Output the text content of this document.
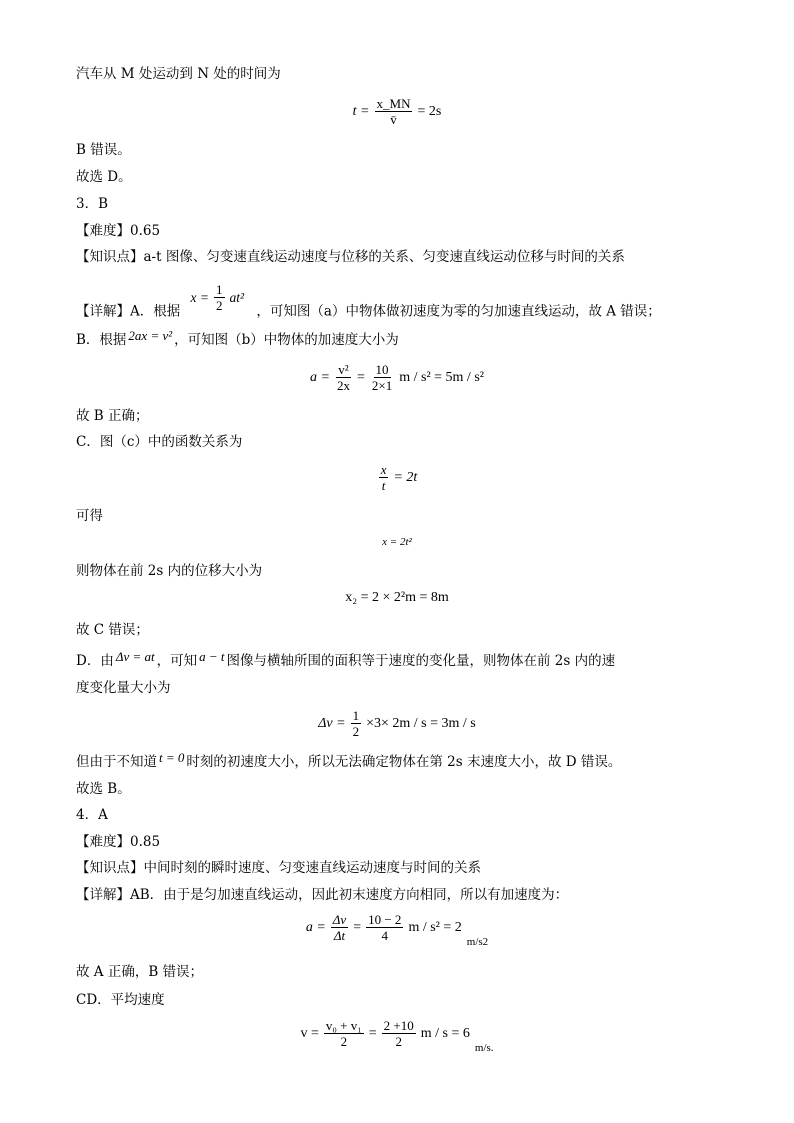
汽车从 M 处运动到 N 处的时间为
$t = \frac{x\_MN}{v̄} = 2s$
B 错误。
故选 D。
3．B
【难度】0.65
【知识点】a-t 图像、匀变速直线运动速度与位移的关系、匀变速直线运动位移与时间的关系
【详解】A．根据
$x = \frac{1}{2} at^2$
，可知图（a）中物体做初速度为零的匀加速直线运动，故 A 错误；
B．根据 2ax = v² ，可知图（b）中物体的加速度大小为
$a = \frac{\text{v²}}{2x} = \frac{10}{2\times 1}$ m / s² = 5m / s²
故 B 正确；
C．图（c）中的函数关系为
$\frac{x}{t} = 2t$
可得
x = 2t²
则物体在前 2s 内的位移大小为
x₂ = 2 × 2²m = 8m
故 C 错误；
D．由 Δv = at ，可知 a − t 图像与横轴所围的面积等于速度的变化量，则物体在前 2s 内的速
度变化量大小为
$\Delta v = \frac{1}{2} \times 3\times 2m / s = 3m / s$
但由于不知道 t = 0 时刻的初速度大小，所以无法确定物体在第 2s 末速度大小，故 D 错误。
故选 B。
4．A
【难度】0.85
【知识点】中间时刻的瞬时速度、匀变速直线运动速度与时间的关系
【详解】AB．由于是匀加速直线运动，因此初末速度方向相同，所以有加速度为：
$a = \frac{\Delta v}{\Delta t} = \frac{10 - 2}{4}$ m / s² = 2
m/s2
故 A 正确，B 错误；
CD．平均速度
$v = \frac{\text{v₀ + v₁}}{2} = \frac{2 +10}{2}$ m / s = 6
m/s.
